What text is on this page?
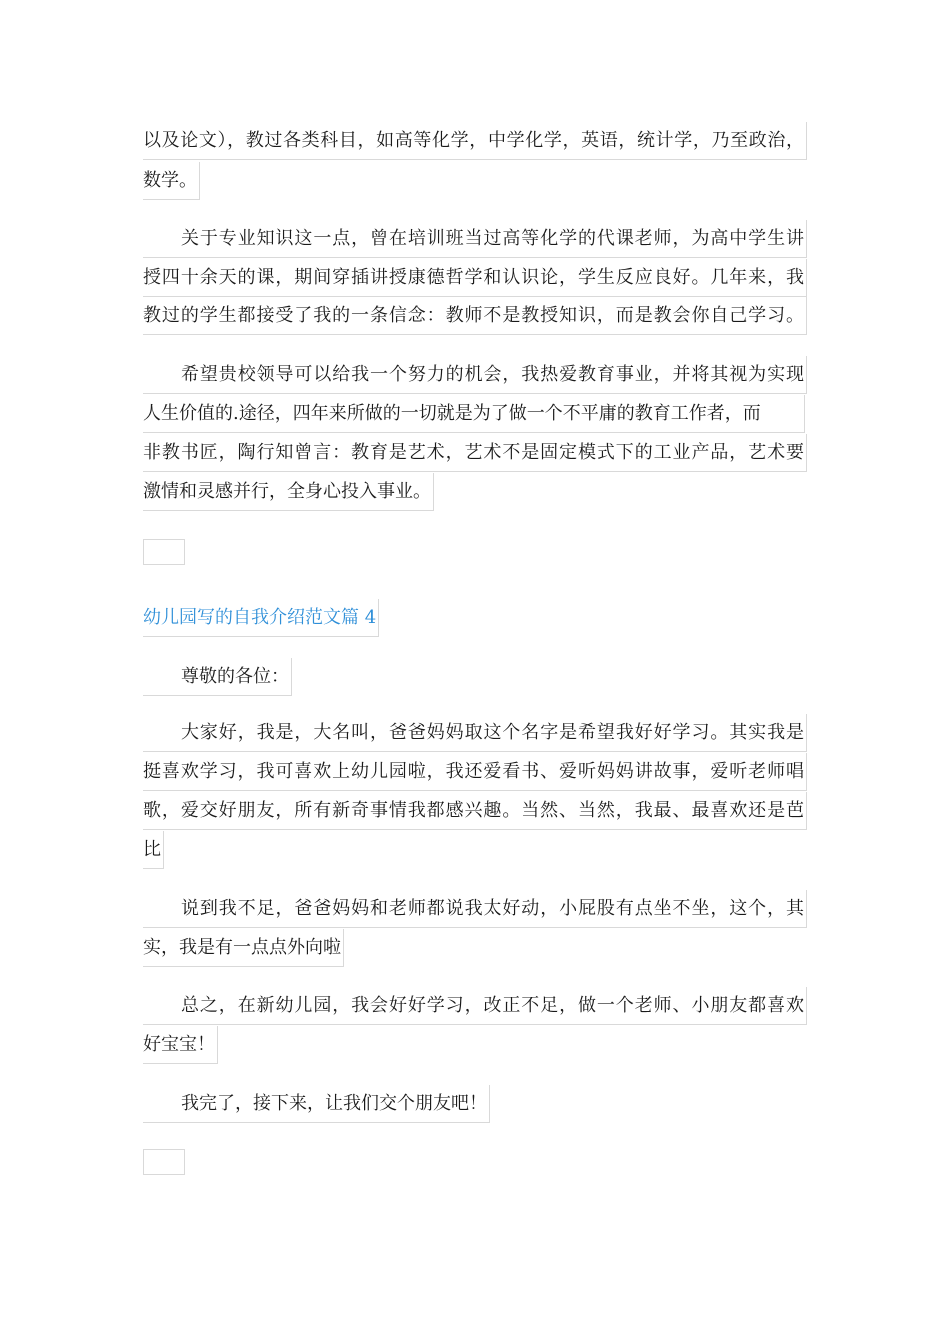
以及论文），教过各类科目，如高等化学，中学化学，英语，统计学，乃至政治，
数学。
关于专业知识这一点，曾在培训班当过高等化学的代课老师，为高中学生讲
授四十余天的课，期间穿插讲授康德哲学和认识论，学生反应良好。几年来，我
教过的学生都接受了我的一条信念：教师不是教授知识，而是教会你自己学习。
希望贵校领导可以给我一个努力的机会，我热爱教育事业，并将其视为实现
人生价值的.途径，四年来所做的一切就是为了做一个不平庸的教育工作者，而
非教书匠，陶行知曾言：教育是艺术，艺术不是固定模式下的工业产品，艺术要
激情和灵感并行，全身心投入事业。
幼儿园写的自我介绍范文篇 4
尊敬的各位：
大家好，我是，大名叫，爸爸妈妈取这个名字是希望我好好学习。其实我是
挺喜欢学习，我可喜欢上幼儿园啦，我还爱看书、爱听妈妈讲故事，爱听老师唱
歌，爱交好朋友，所有新奇事情我都感兴趣。当然、当然，我最、最喜欢还是芭
比
说到我不足，爸爸妈妈和老师都说我太好动，小屁股有点坐不坐，这个，其
实，我是有一点点外向啦
总之，在新幼儿园，我会好好学习，改正不足，做一个老师、小朋友都喜欢
好宝宝！
我完了，接下来，让我们交个朋友吧！
